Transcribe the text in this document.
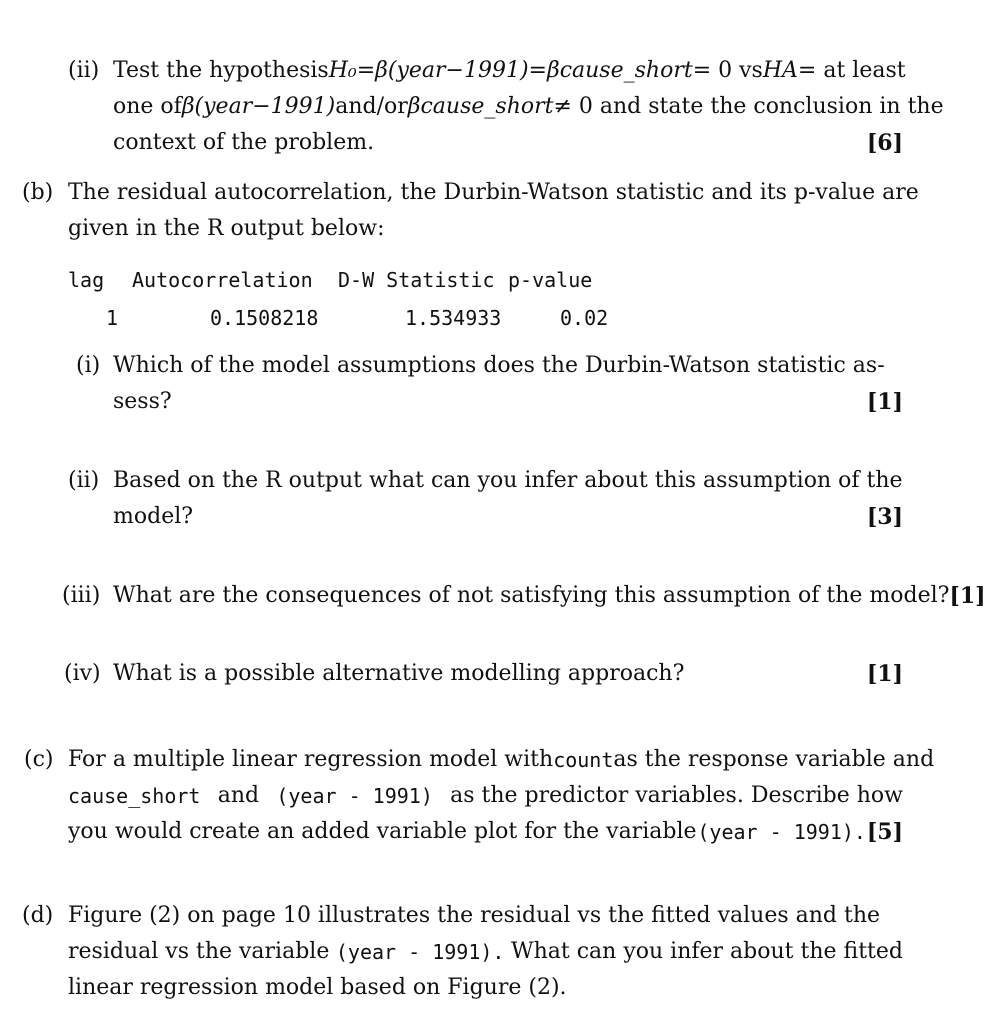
(ii) Test the hypothesis H₀ = β(year−1991) = βcause_short = 0 vs HA = at least
one of β(year−1991) and/or βcause_short ≠ 0 and state the conclusion in the
context of the problem.	[6]
(b) The residual autocorrelation, the Durbin-Watson statistic and its p-value are
given in the R output below:
lag Autocorrelation D-W Statistic p-value
1	0.1508218	1.534933	0.02
(i) Which of the model assumptions does the Durbin-Watson statistic as-
sess?	[1]
(ii) Based on the R output what can you infer about this assumption of the
model?	[3]
(iii) What are the consequences of not satisfying this assumption of the model? [1]
(iv) What is a possible alternative modelling approach?	[1]
(c) For a multiple linear regression model with count as the response variable and
cause_short and (year - 1991) as the predictor variables. Describe how
you would create an added variable plot for the variable (year - 1991). [5]
(d) Figure (2) on page 10 illustrates the residual vs the fitted values and the
residual vs the variable (year - 1991). What can you infer about the fitted
linear regression model based on Figure (2).
